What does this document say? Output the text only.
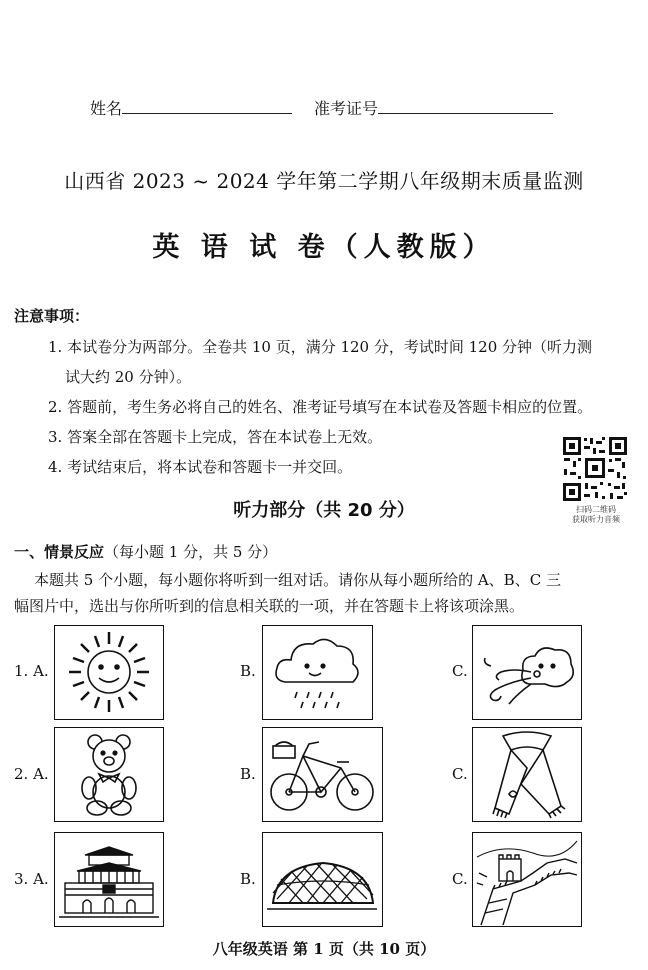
姓名	准考证号
山西省 2023 ~ 2024 学年第二学期八年级期末质量监测
英 语 试 卷（人教版）
注意事项：
1. 本试卷分为两部分。全卷共 10 页，满分 120 分，考试时间 120 分钟（听力测
试大约 20 分钟）。
2. 答题前，考生务必将自己的姓名、准考证号填写在本试卷及答题卡相应的位置。
3. 答案全部在答题卡上完成，答在本试卷上无效。
4. 考试结束后，将本试卷和答题卡一并交回。
扫码二维码
获取听力音频
听力部分（共 20 分）
一、情景反应（每小题 1 分，共 5 分）
本题共 5 个小题，每小题你将听到一组对话。请你从每小题所给的 A、B、C 三
幅图片中，选出与你所听到的信息相关联的一项，并在答题卡上将该项涂黑。
1. A.	B.	C.
2. A.	B.	C.
3. A.	B.	C.
八年级英语 第 1 页（共 10 页）
